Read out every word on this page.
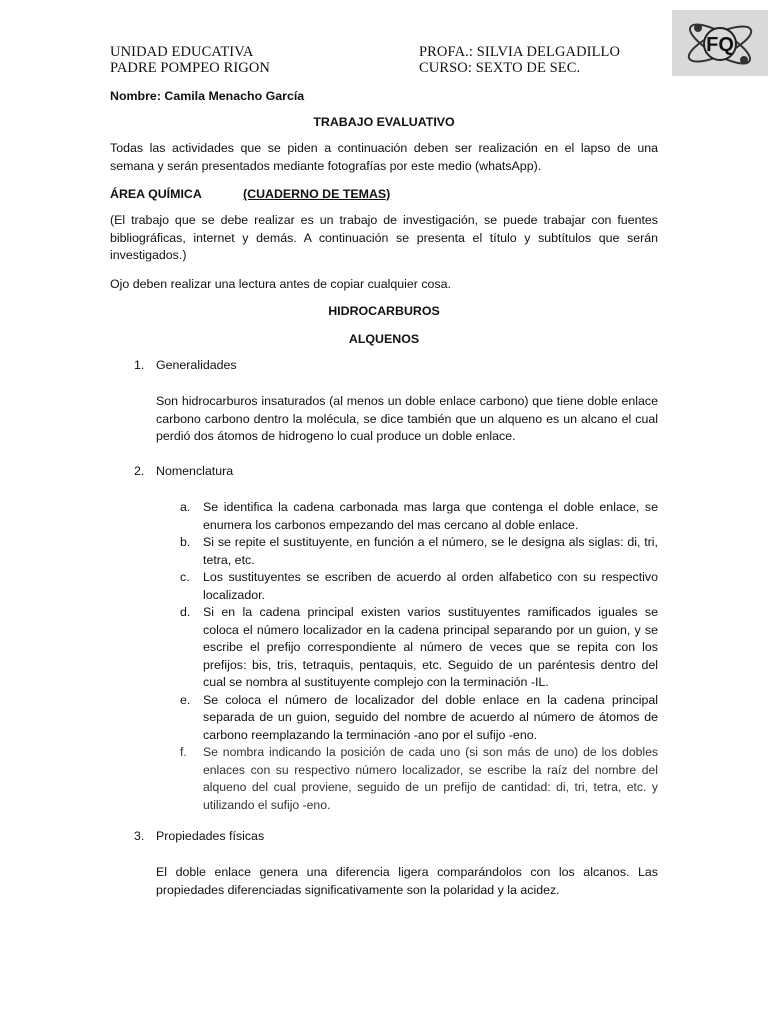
UNIDAD EDUCATIVA
PADRE POMPEO RIGON
PROFA.: SILVIA DELGADILLO
CURSO: SEXTO DE SEC.
FQ
Nombre: Camila Menacho García
TRABAJO EVALUATIVO
Todas las actividades que se piden a continuación deben ser realización en el lapso de una semana y serán presentados mediante fotografías por este medio (whatsApp).
ÁREA QUÍMICA	(CUADERNO DE TEMAS)
(El trabajo que se debe realizar es un trabajo de investigación, se puede trabajar con fuentes bibliográficas, internet y demás. A continuación se presenta el título y subtítulos que serán investigados.)
Ojo deben realizar una lectura antes de copiar cualquier cosa.
HIDROCARBUROS
ALQUENOS
1. Generalidades
Son hidrocarburos insaturados (al menos un doble enlace carbono) que tiene doble enlace carbono carbono dentro la molécula, se dice también que un alqueno es un alcano el cual perdió dos átomos de hidrogeno lo cual produce un doble enlace.
2. Nomenclatura
a. Se identifica la cadena carbonada mas larga que contenga el doble enlace, se enumera los carbonos empezando del mas cercano al doble enlace.
b. Si se repite el sustituyente, en función a el número, se le designa als siglas: di, tri, tetra, etc.
c. Los sustituyentes se escriben de acuerdo al orden alfabetico con su respectivo localizador.
d. Si en la cadena principal existen varios sustituyentes ramificados iguales se coloca el número localizador en la cadena principal separando por un guion, y se escribe el prefijo correspondiente al número de veces que se repita con los prefijos: bis, tris, tetraquis, pentaquis, etc. Seguido de un paréntesis dentro del cual se nombra al sustituyente complejo con la terminación -IL.
e. Se coloca el número de localizador del doble enlace en la cadena principal separada de un guion, seguido del nombre de acuerdo al número de átomos de carbono reemplazando la terminación -ano por el sufijo -eno.
f. Se nombra indicando la posición de cada uno (si son más de uno) de los dobles enlaces con su respectivo número localizador, se escribe la raíz del nombre del alqueno del cual proviene, seguido de un prefijo de cantidad: di, tri, tetra, etc. y utilizando el sufijo -eno.
3. Propiedades físicas
El doble enlace genera una diferencia ligera comparándolos con los alcanos. Las propiedades diferenciadas significativamente son la polaridad y la acidez.
